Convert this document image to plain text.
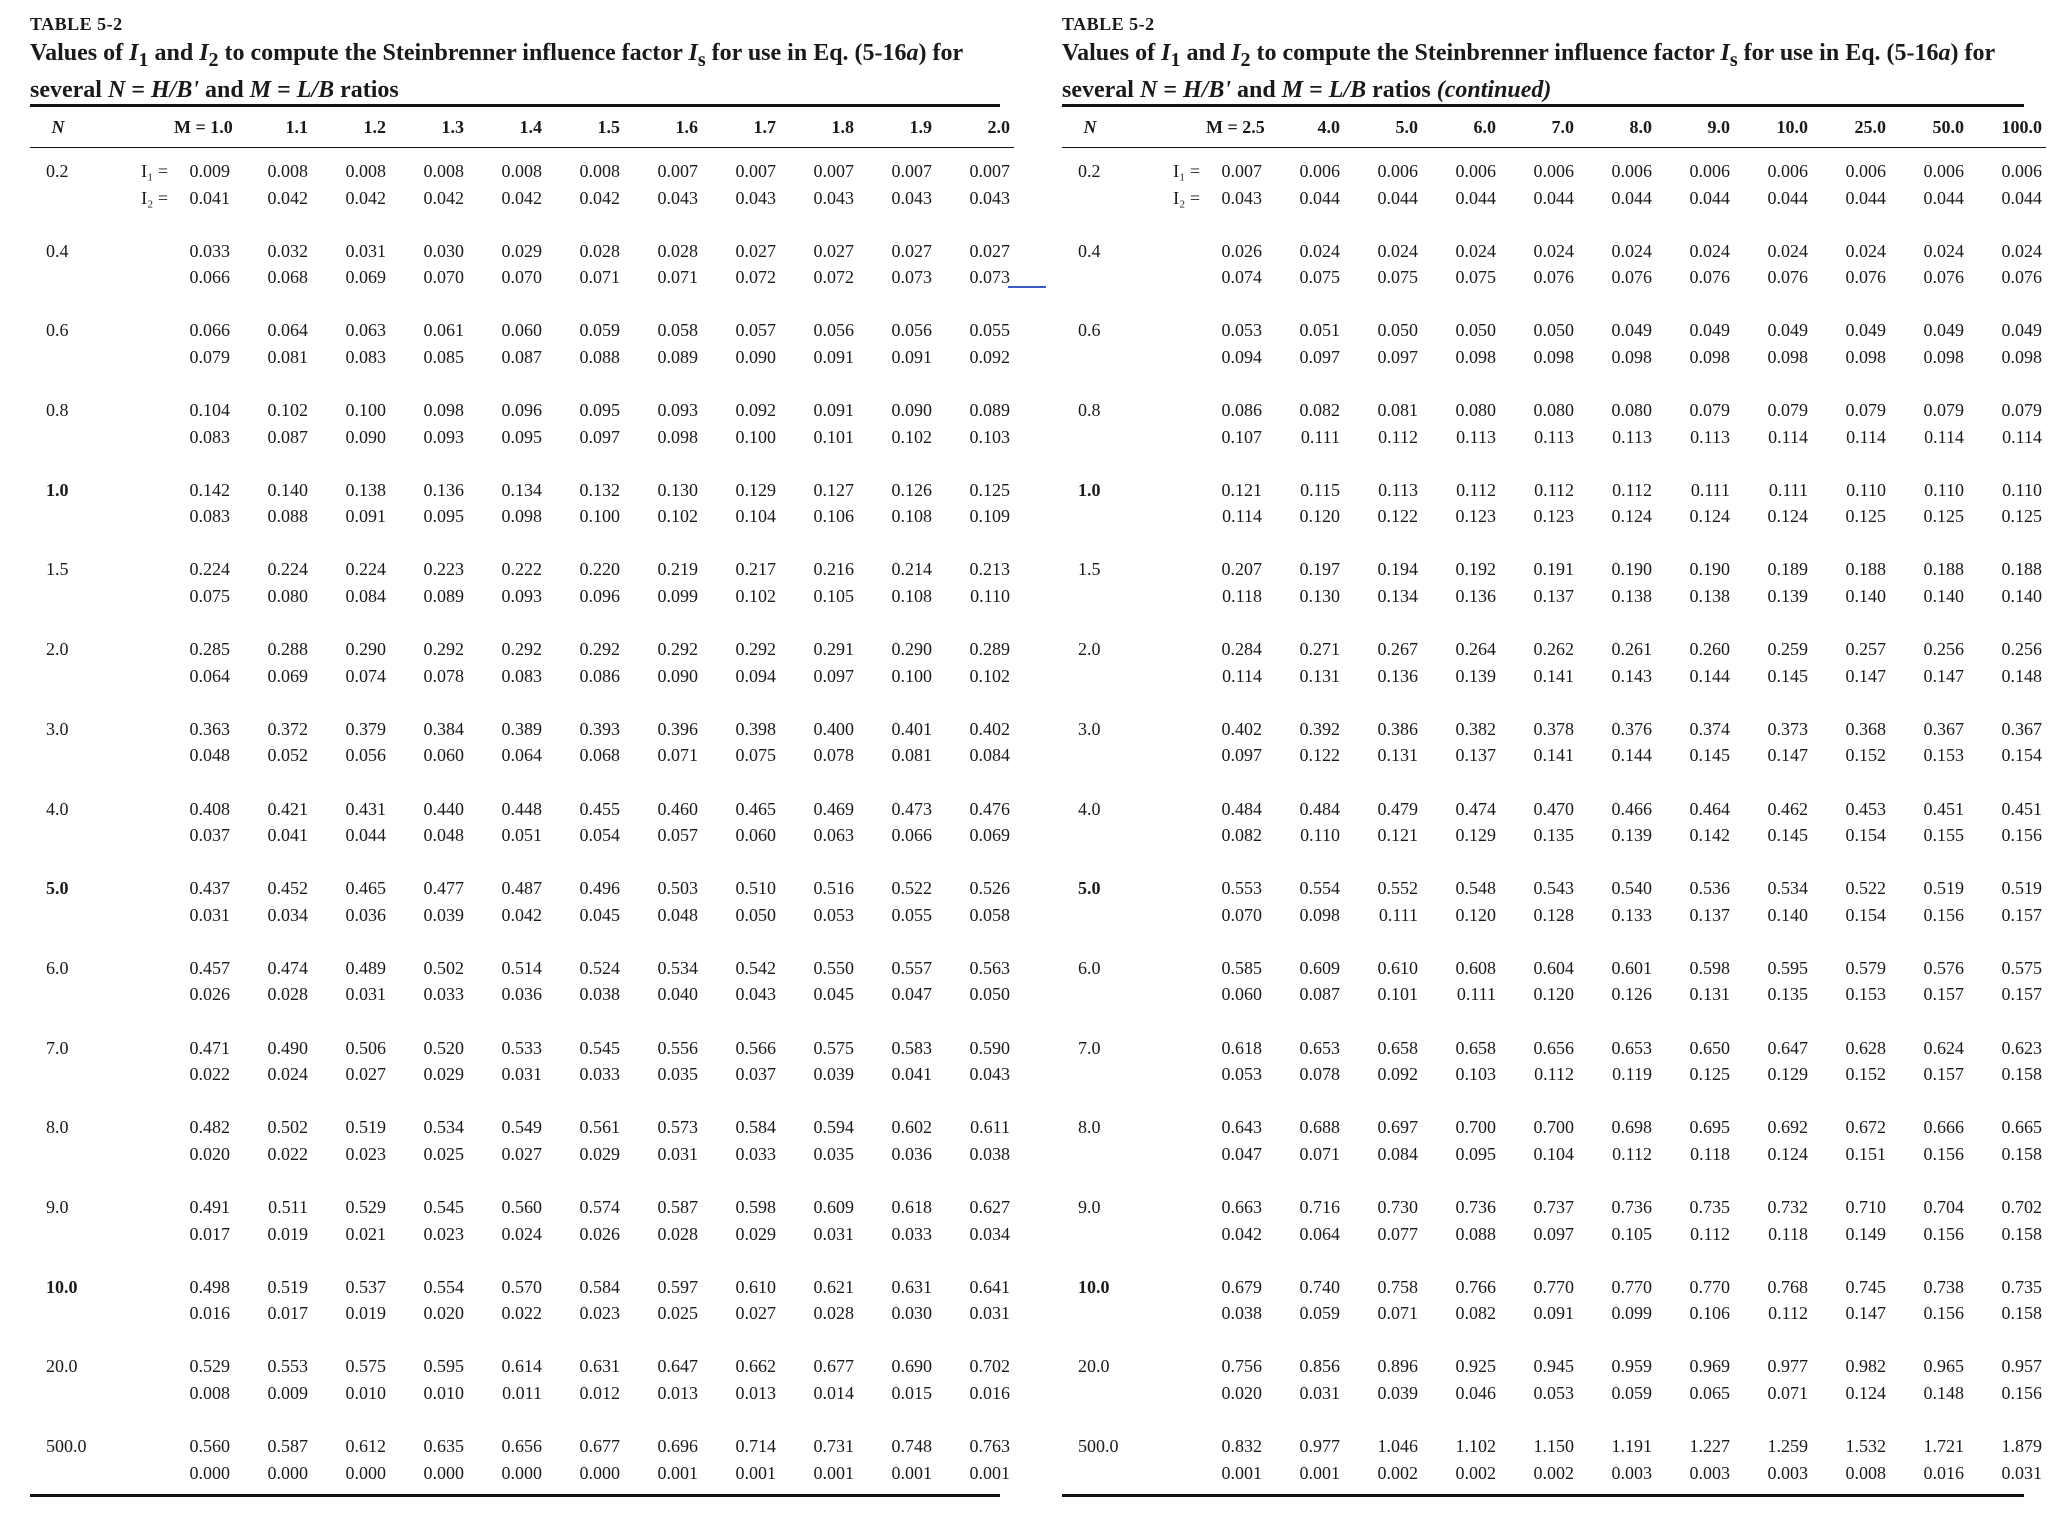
TABLE 5-2
Values of $I_1$ and $I_2$ to compute the Steinbrenner influence factor $I_s$ for use in Eq. (5-16a) for several N = H/B' and M = L/B ratios
N		M = 1.0	1.1	1.2	1.3	1.4	1.5	1.6	1.7	1.8	1.9	2.0

0.2	I₁ =	0.009	0.008	0.008	0.008	0.008	0.008	0.007	0.007	0.007	0.007	0.007
	I₂ =	0.041	0.042	0.042	0.042	0.042	0.042	0.043	0.043	0.043	0.043	0.043

0.4		0.033	0.032	0.031	0.030	0.029	0.028	0.028	0.027	0.027	0.027	0.027
		0.066	0.068	0.069	0.070	0.070	0.071	0.071	0.072	0.072	0.073	0.073

0.6		0.066	0.064	0.063	0.061	0.060	0.059	0.058	0.057	0.056	0.056	0.055
		0.079	0.081	0.083	0.085	0.087	0.088	0.089	0.090	0.091	0.091	0.092

0.8		0.104	0.102	0.100	0.098	0.096	0.095	0.093	0.092	0.091	0.090	0.089
		0.083	0.087	0.090	0.093	0.095	0.097	0.098	0.100	0.101	0.102	0.103

1.0		0.142	0.140	0.138	0.136	0.134	0.132	0.130	0.129	0.127	0.126	0.125
		0.083	0.088	0.091	0.095	0.098	0.100	0.102	0.104	0.106	0.108	0.109

1.5		0.224	0.224	0.224	0.223	0.222	0.220	0.219	0.217	0.216	0.214	0.213
		0.075	0.080	0.084	0.089	0.093	0.096	0.099	0.102	0.105	0.108	0.110

2.0		0.285	0.288	0.290	0.292	0.292	0.292	0.292	0.292	0.291	0.290	0.289
		0.064	0.069	0.074	0.078	0.083	0.086	0.090	0.094	0.097	0.100	0.102

3.0		0.363	0.372	0.379	0.384	0.389	0.393	0.396	0.398	0.400	0.401	0.402
		0.048	0.052	0.056	0.060	0.064	0.068	0.071	0.075	0.078	0.081	0.084

4.0		0.408	0.421	0.431	0.440	0.448	0.455	0.460	0.465	0.469	0.473	0.476
		0.037	0.041	0.044	0.048	0.051	0.054	0.057	0.060	0.063	0.066	0.069

5.0		0.437	0.452	0.465	0.477	0.487	0.496	0.503	0.510	0.516	0.522	0.526
		0.031	0.034	0.036	0.039	0.042	0.045	0.048	0.050	0.053	0.055	0.058

6.0		0.457	0.474	0.489	0.502	0.514	0.524	0.534	0.542	0.550	0.557	0.563
		0.026	0.028	0.031	0.033	0.036	0.038	0.040	0.043	0.045	0.047	0.050

7.0		0.471	0.490	0.506	0.520	0.533	0.545	0.556	0.566	0.575	0.583	0.590
		0.022	0.024	0.027	0.029	0.031	0.033	0.035	0.037	0.039	0.041	0.043

8.0		0.482	0.502	0.519	0.534	0.549	0.561	0.573	0.584	0.594	0.602	0.611
		0.020	0.022	0.023	0.025	0.027	0.029	0.031	0.033	0.035	0.036	0.038

9.0		0.491	0.511	0.529	0.545	0.560	0.574	0.587	0.598	0.609	0.618	0.627
		0.017	0.019	0.021	0.023	0.024	0.026	0.028	0.029	0.031	0.033	0.034

10.0		0.498	0.519	0.537	0.554	0.570	0.584	0.597	0.610	0.621	0.631	0.641
		0.016	0.017	0.019	0.020	0.022	0.023	0.025	0.027	0.028	0.030	0.031

20.0		0.529	0.553	0.575	0.595	0.614	0.631	0.647	0.662	0.677	0.690	0.702
		0.008	0.009	0.010	0.010	0.011	0.012	0.013	0.013	0.014	0.015	0.016

500.0		0.560	0.587	0.612	0.635	0.656	0.677	0.696	0.714	0.731	0.748	0.763
		0.000	0.000	0.000	0.000	0.000	0.000	0.001	0.001	0.001	0.001	0.001
TABLE 5-2
Values of $I_1$ and $I_2$ to compute the Steinbrenner influence factor $I_s$ for use in Eq. (5-16a) for several N = H/B' and M = L/B ratios (continued)
N		M = 2.5	4.0	5.0	6.0	7.0	8.0	9.0	10.0	25.0	50.0	100.0

0.2	I₁ =	0.007	0.006	0.006	0.006	0.006	0.006	0.006	0.006	0.006	0.006	0.006
	I₂ =	0.043	0.044	0.044	0.044	0.044	0.044	0.044	0.044	0.044	0.044	0.044

0.4		0.026	0.024	0.024	0.024	0.024	0.024	0.024	0.024	0.024	0.024	0.024
		0.074	0.075	0.075	0.075	0.076	0.076	0.076	0.076	0.076	0.076	0.076

0.6		0.053	0.051	0.050	0.050	0.050	0.049	0.049	0.049	0.049	0.049	0.049
		0.094	0.097	0.097	0.098	0.098	0.098	0.098	0.098	0.098	0.098	0.098

0.8		0.086	0.082	0.081	0.080	0.080	0.080	0.079	0.079	0.079	0.079	0.079
		0.107	0.111	0.112	0.113	0.113	0.113	0.113	0.114	0.114	0.114	0.114

1.0		0.121	0.115	0.113	0.112	0.112	0.112	0.111	0.111	0.110	0.110	0.110
		0.114	0.120	0.122	0.123	0.123	0.124	0.124	0.124	0.125	0.125	0.125

1.5		0.207	0.197	0.194	0.192	0.191	0.190	0.190	0.189	0.188	0.188	0.188
		0.118	0.130	0.134	0.136	0.137	0.138	0.138	0.139	0.140	0.140	0.140

2.0		0.284	0.271	0.267	0.264	0.262	0.261	0.260	0.259	0.257	0.256	0.256
		0.114	0.131	0.136	0.139	0.141	0.143	0.144	0.145	0.147	0.147	0.148

3.0		0.402	0.392	0.386	0.382	0.378	0.376	0.374	0.373	0.368	0.367	0.367
		0.097	0.122	0.131	0.137	0.141	0.144	0.145	0.147	0.152	0.153	0.154

4.0		0.484	0.484	0.479	0.474	0.470	0.466	0.464	0.462	0.453	0.451	0.451
		0.082	0.110	0.121	0.129	0.135	0.139	0.142	0.145	0.154	0.155	0.156

5.0		0.553	0.554	0.552	0.548	0.543	0.540	0.536	0.534	0.522	0.519	0.519
		0.070	0.098	0.111	0.120	0.128	0.133	0.137	0.140	0.154	0.156	0.157

6.0		0.585	0.609	0.610	0.608	0.604	0.601	0.598	0.595	0.579	0.576	0.575
		0.060	0.087	0.101	0.111	0.120	0.126	0.131	0.135	0.153	0.157	0.157

7.0		0.618	0.653	0.658	0.658	0.656	0.653	0.650	0.647	0.628	0.624	0.623
		0.053	0.078	0.092	0.103	0.112	0.119	0.125	0.129	0.152	0.157	0.158

8.0		0.643	0.688	0.697	0.700	0.700	0.698	0.695	0.692	0.672	0.666	0.665
		0.047	0.071	0.084	0.095	0.104	0.112	0.118	0.124	0.151	0.156	0.158

9.0		0.663	0.716	0.730	0.736	0.737	0.736	0.735	0.732	0.710	0.704	0.702
		0.042	0.064	0.077	0.088	0.097	0.105	0.112	0.118	0.149	0.156	0.158

10.0		0.679	0.740	0.758	0.766	0.770	0.770	0.770	0.768	0.745	0.738	0.735
		0.038	0.059	0.071	0.082	0.091	0.099	0.106	0.112	0.147	0.156	0.158

20.0		0.756	0.856	0.896	0.925	0.945	0.959	0.969	0.977	0.982	0.965	0.957
		0.020	0.031	0.039	0.046	0.053	0.059	0.065	0.071	0.124	0.148	0.156

500.0		0.832	0.977	1.046	1.102	1.150	1.191	1.227	1.259	1.532	1.721	1.879
		0.001	0.001	0.002	0.002	0.002	0.003	0.003	0.003	0.008	0.016	0.031
